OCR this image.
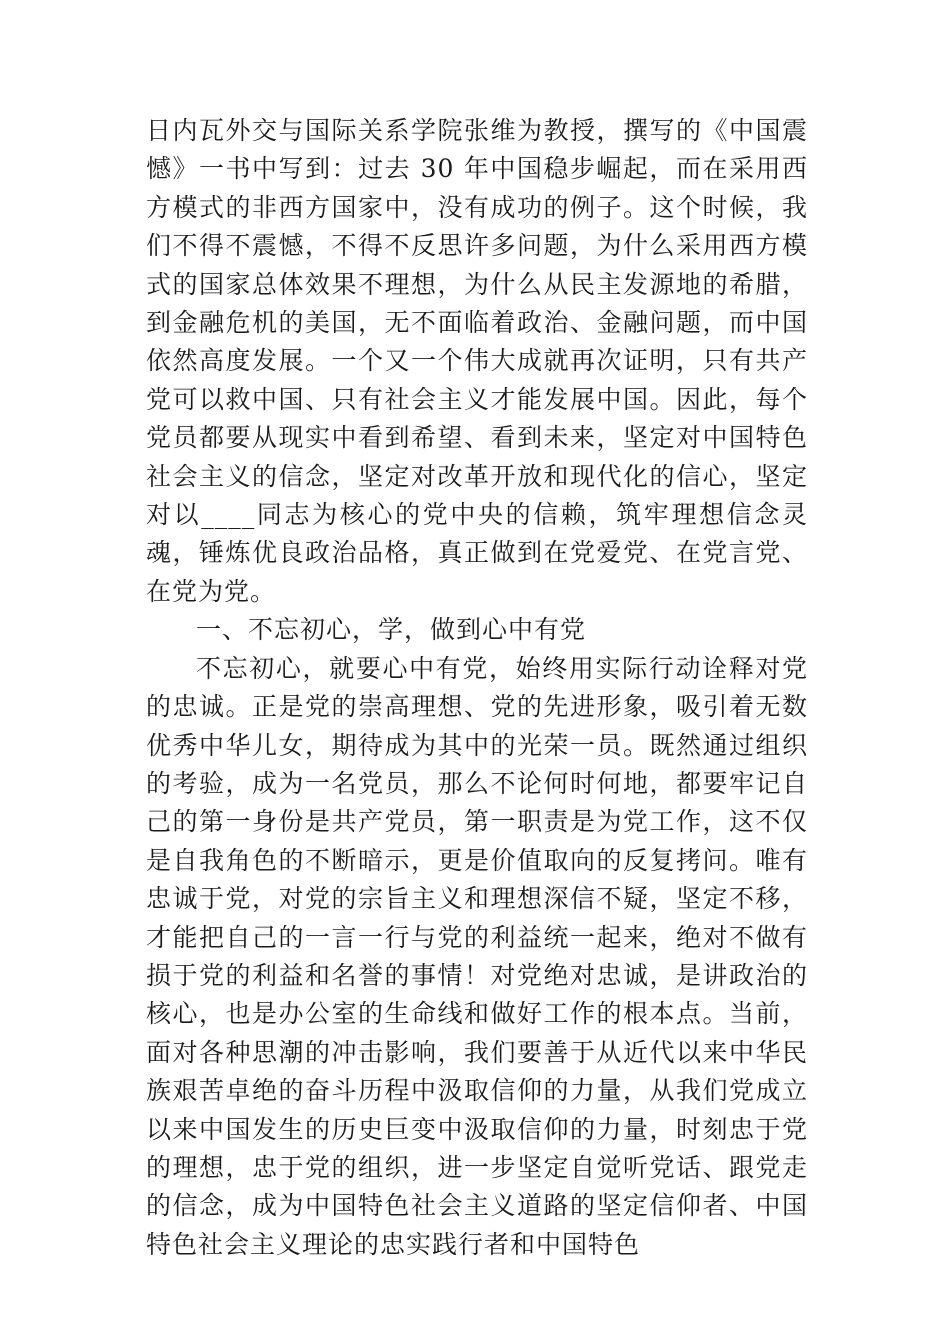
日内瓦外交与国际关系学院张维为教授，撰写的《中国震憾》一书中写到：过去 30 年中国稳步崛起，而在采用西方模式的非西方国家中，没有成功的例子。这个时候，我们不得不震憾，不得不反思许多问题，为什么采用西方模式的国家总体效果不理想，为什么从民主发源地的希腊，到金融危机的美国，无不面临着政治、金融问题，而中国依然高度发展。一个又一个伟大成就再次证明，只有共产党可以救中国、只有社会主义才能发展中国。因此，每个党员都要从现实中看到希望、看到未来，坚定对中国特色社会主义的信念，坚定对改革开放和现代化的信心，坚定对以____同志为核心的党中央的信赖，筑牢理想信念灵魂，锤炼优良政治品格，真正做到在党爱党、在党言党、在党为党。

一、不忘初心，学，做到心中有党

不忘初心，就要心中有党，始终用实际行动诠释对党的忠诚。正是党的崇高理想、党的先进形象，吸引着无数优秀中华儿女，期待成为其中的光荣一员。既然通过组织的考验，成为一名党员，那么不论何时何地，都要牢记自己的第一身份是共产党员，第一职责是为党工作，这不仅是自我角色的不断暗示，更是价值取向的反复拷问。唯有忠诚于党，对党的宗旨主义和理想深信不疑，坚定不移，才能把自己的一言一行与党的利益统一起来，绝对不做有损于党的利益和名誉的事情！对党绝对忠诚，是讲政治的核心，也是办公室的生命线和做好工作的根本点。当前，面对各种思潮的冲击影响，我们要善于从近代以来中华民族艰苦卓绝的奋斗历程中汲取信仰的力量，从我们党成立以来中国发生的历史巨变中汲取信仰的力量，时刻忠于党的理想，忠于党的组织，进一步坚定自觉听党话、跟党走的信念，成为中国特色社会主义道路的坚定信仰者、中国特色社会主义理论的忠实践行者和中国特色
